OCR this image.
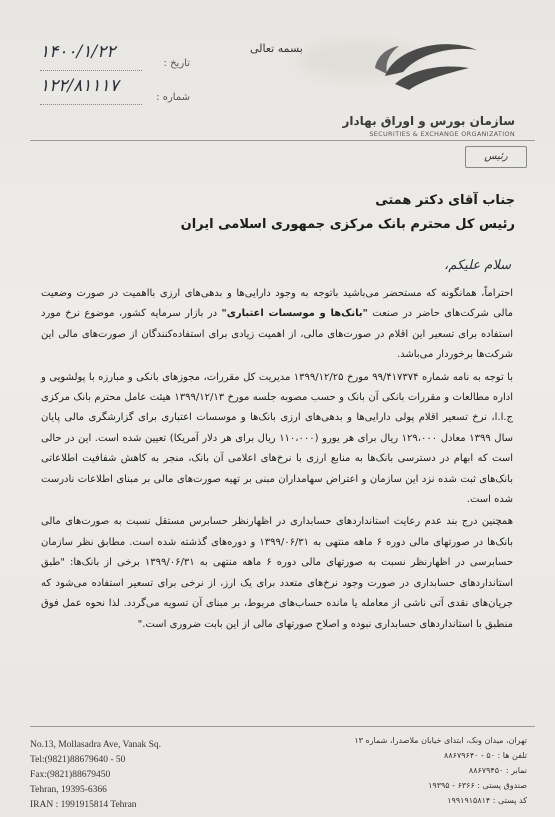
سازمان بورس و اوراق بهادار
SECURITIES & EXCHANGE ORGANIZATION
بسمه تعالی
۱۴۰۰/۱/۲۲
تاریخ :
۱۲۲/۸۱۱۱۷
شماره :
رئیس
جناب آقای دکتر همتی
رئیس کل محترم بانک مرکزی جمهوری اسلامی ایران
سلام علیکم،

احتراماً، همانگونه که مستحضر می‌باشید باتوجه به وجود دارایی‌ها و بدهی‌های ارزی بااهمیت در صورت وضعیت مالی شرکت‌های حاضر در صنعت "بانک‌ها و موسسات اعتباری" در بازار سرمایه کشور، موضوع نرخ مورد استفاده برای تسعیر این اقلام در صورت‌های مالی، از اهمیت زیادی برای استفاده‌کنندگان از صورت‌های مالی این شرکت‌ها برخوردار می‌باشد.

با توجه به نامه شماره ۹۹/۴۱۷۳۷۴ مورخ ۱۳۹۹/۱۲/۲۵ مدیریت کل مقررات، مجوزهای بانکی و مبارزه با پولشویی و اداره مطالعات و مقررات بانکی آن بانک و حسب مصوبه جلسه مورخ ۱۳۹۹/۱۲/۱۳ هیئت عامل محترم بانک مرکزی ج.ا.ا، نرخ تسعیر اقلام پولی دارایی‌ها و بدهی‌های ارزی بانک‌ها و موسسات اعتباری برای گزارشگری مالی پایان سال ۱۳۹۹ معادل ۱۲۹،۰۰۰ ریال برای هر یورو (۱۱۰،۰۰۰ ریال برای هر دلار آمریکا) تعیین شده است. این در حالی است که ابهام در دسترسی بانک‌ها به منابع ارزی با نرخ‌های اعلامی آن بانک، منجر به کاهش شفافیت اطلاعاتی بانک‌های ثبت شده نزد این سازمان و اعتراض سهامداران مبنی بر تهیه صورت‌های مالی بر مبنای اطلاعات نادرست شده است.

همچنین درج بند عدم رعایت استانداردهای حسابداری در اظهارنظر حسابرس مستقل نسبت به صورت‌های مالی بانک‌ها در صورتهای مالی دوره ۶ ماهه منتهی به ۱۳۹۹/۰۶/۳۱ و دوره‌های گذشته شده است. مطابق نظر سازمان حسابرسی در اظهارنظر نسبت به صورتهای مالی دوره ۶ ماهه منتهی به ۱۳۹۹/۰۶/۳۱ برخی از بانک‌ها: "طبق استانداردهای حسابداری در صورت وجود نرخ‌های متعدد برای یک ارز، از نرخی برای تسعیر استفاده می‌شود که جریان‌های نقدی آتی ناشی از معامله یا مانده حساب‌های مربوط، بر مبنای آن تسویه می‌گردد. لذا نحوه عمل فوق منطبق با استانداردهای حسابداری نبوده و اصلاح صورتهای مالی از این بابت ضروری است."

No.13, Mollasadra Ave, Vanak Sq.
Tel:(9821)88679640 - 50
Fax:(9821)88679450
Tehran, 19395-6366
IRAN : 1991915814 Tehran
تهران، میدان ونک، ابتدای خیابان ملاصدرا، شماره ۱۳
تلفن ها : ۵۰ - ۸۸۶۷۹۶۴۰
نمابر : ۸۸۶۷۹۴۵۰
صندوق پستی : ۶۳۶۶ - ۱۹۳۹۵
کد پستی : ۱۹۹۱۹۱۵۸۱۴
